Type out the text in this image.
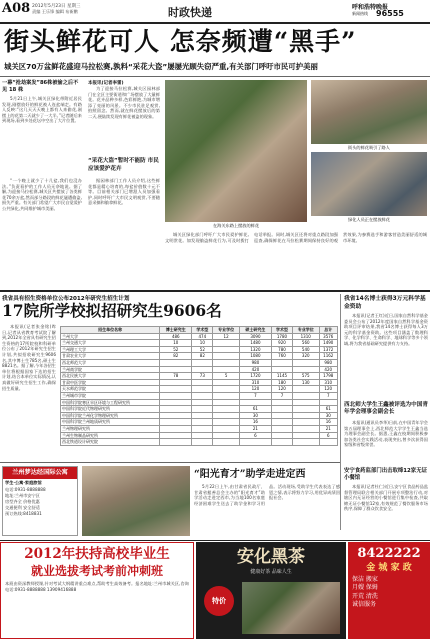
A08 2012年5月23日 星期三
责编 王乐锋 编辑 布新鹏	时政快递	呼和浩特晚报
新闻热线 96555
街头鲜花可人 怎奈频遭“黑手”
城关区70万盆鲜花盛迎马拉松赛,孰料“采花大盗”屡屡光顾失窃严重,有关部门呼吁市民可护美丽
一幕“抢劫案发”86株被偷之后不见 18 株

5月21日上午,城关区绿化带附近居民发现,刚摆放好的鲜花被人连盆端走。有路人反映:“这几天天天晚上都有人来偷花,刚摆上的花第二天就少了一大半。”记者随后来到现场,看到多处花坛中空出了大片位置。

“一个晚上就少了十几盆,我们也没办法。”负责看护的工作人员无奈地说。据了解,为迎接马拉松赛,城关区共摆放了各类鲜花70余万盆,然而部分路段的鲜花屡遭偷盗,损失严重。有关部门希望广大市民自觉爱护公共绿化,共同维护城市美丽。

本报讯(记者李雷)

为了迎接马拉松赛,城关区园林部门在全区主要街道和广场摆放了大量鲜花。花卉品种多样,色彩鲜艳,为城市增添了亮丽的风景。不少市民驻足观赏,拍照留念。然而,就在鲜花摆放后的第二天,便陆续发现有鲜花被盗的现象。

“采花大盗”暂时不能防 市民应该爱护花卉

据园林部门工作人员介绍,这些鲜花都是精心培育的,每盆价值数十元不等。目前相关部门已增派人员加强看护,同时呼吁广大市民文明观赏,不要随意采摘和偷拿鲜花。

在海关东路上摆放的鲜花
街头的鲜花吸引了路人
绿化人员正在摆放鲜花

城关区绿化部门呼吁广大市民爱护鲜花,文明赏花。如发现偷盗鲜花行为,可及时拨打电话举报。同时,城关区还将对重点路段加强巡查,确保鲜花在马拉松赛期间保持良好的观赏效果,为参赛选手和游客营造美丽舒适的城市环境。

我省具有招生资格单位公布2012年研究生招生计划
17院所学校拟招研究生9606名

本报讯(记者张金铭)昨日,记者从省教育考试院了解到,2012年全省具有研究生招生资格的17所院校和科研单位公布了2012年研究生招生计划,共拟招收研究生9606名,其中博士生785名,硕士生8821名。据了解,今年各招生单位将根据国家下达的招生计划,结合本单位实际情况,认真做好研究生招生工作,确保招生质量。

招生单位名称	博士研究生	学术型	专业学位	硕士研究生	学术型	专业学位	总计
兰州大学	486	474	12	3090	1780	1310	3576
兰州交通大学	10	10		1480	920	560	1490
兰州理工大学	52	52		1320	780	540	1372
甘肃农业大学	82	82		1080	760	320	1162
西北师范大学				980			980
兰州商学院				420			420
西北民族大学	78	73	5	1720	1145	575	1798
甘肃中医学院				310	180	130	310
天水师范学院				120	120		120
兰州城市学院				7	7		7
中国科学院寒区旱区环境与工程研究所							
中国科学院近代物理研究所				61			61
中国科学院兰州化学物理研究所				30			30
中国科学院兰州地质研究所				16			16
兰州物理研究所				21			21
兰州生物制品研究所				6			6
西北铁道设计研究院							
我省14名博士获得3万元科学基金资助

本报讯(记者王红)近日,国家自然科学基金委员会公布了2012年度国家自然科学基金资助项目评审结果,我省14名博士获得每人3万元的科学基金资助。这些项目涵盖了数理科学、化学科学、生命科学、地球科学等多个领域,将为我省基础研究提供有力支持。

西北师大学生王鑫被评选为中国青年学会理事会副会长

本报讯(通讯员李华)日前,在中国青年学会第五届理事会上,西北师范大学学生王鑫当选为理事会副会长。据悉,王鑫在校期间积极参加各类社会实践活动,表现突出,曾多次获得国家级和省级荣誉。

兰州梦达经国际公寓
学生·公寓·家庭旅馆
电话:0931-8888888
地址:兰州市安宁区
房型齐全 价格优惠
交通便利 安全舒适
预订热线:8418831
“阳光育才”助学走进定西

5月22日上午,由甘肃省民政厅、甘肃省慈善总会主办的“阳光育才”助学活动走进定西市,为当地100名家庭经济困难学生送去了助学金和学习用品。活动现场,受助学生代表表达了感恩之情,表示将努力学习,用优异成绩回报社会。

安宁食药监部门出击取缔12家无证小餐馆

本报讯(记者杜仁)近日,安宁区食品药品监督管理局联合相关部门开展专项整治行动,对辖区内无证经营的小餐馆进行集中检查,共取缔无证小餐馆12家,有效规范了餐饮服务市场秩序,保障了群众饮食安全。

2012年扶持高校毕业生
就业选拔考试考前冲刺班
本班由资深教师授课,针对考试大纲精讲重点难点,帮助考生高效备考。报名地址:兰州市城关区,咨询电话:0931-8888888 13909416888
安化黑茶
健康好茶 品味人生
特价
8422222
金 城 家 政
保洁 搬家
月嫂 保姆
开荒 清洗
诚信服务
